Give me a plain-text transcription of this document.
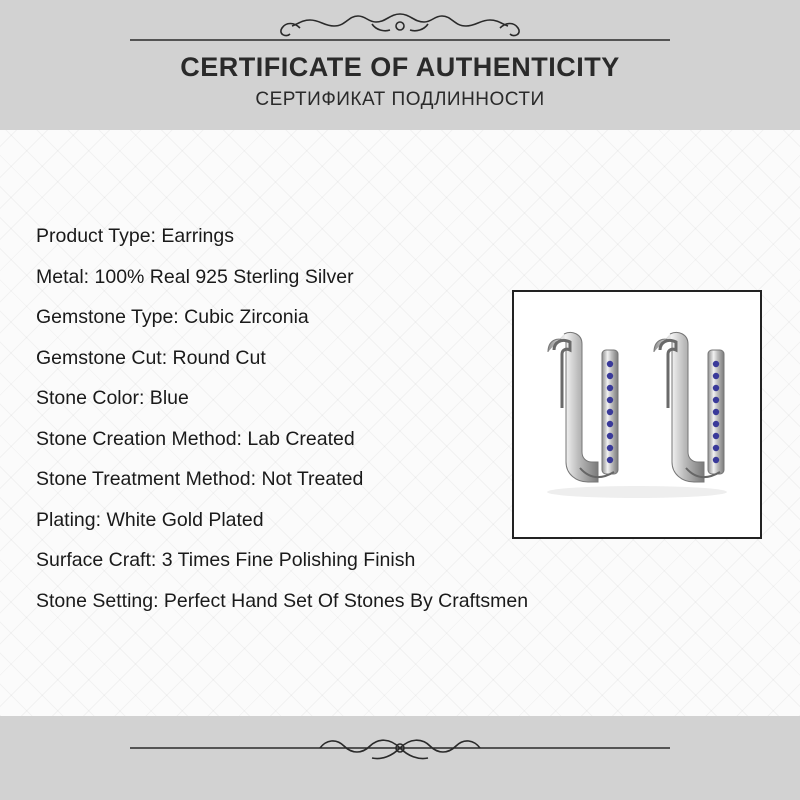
CERTIFICATE OF AUTHENTICITY
СЕРТИФИКАТ ПОДЛИННОСТИ
Product Type: Earrings
Metal: 100% Real 925 Sterling Silver
Gemstone Type: Cubic Zirconia
Gemstone Cut: Round Cut
Stone Color: Blue
Stone Creation Method: Lab Created
Stone Treatment Method: Not Treated
Plating: White Gold Plated
Surface Craft: 3 Times Fine Polishing Finish
Stone Setting: Perfect Hand Set Of Stones By Craftsmen
